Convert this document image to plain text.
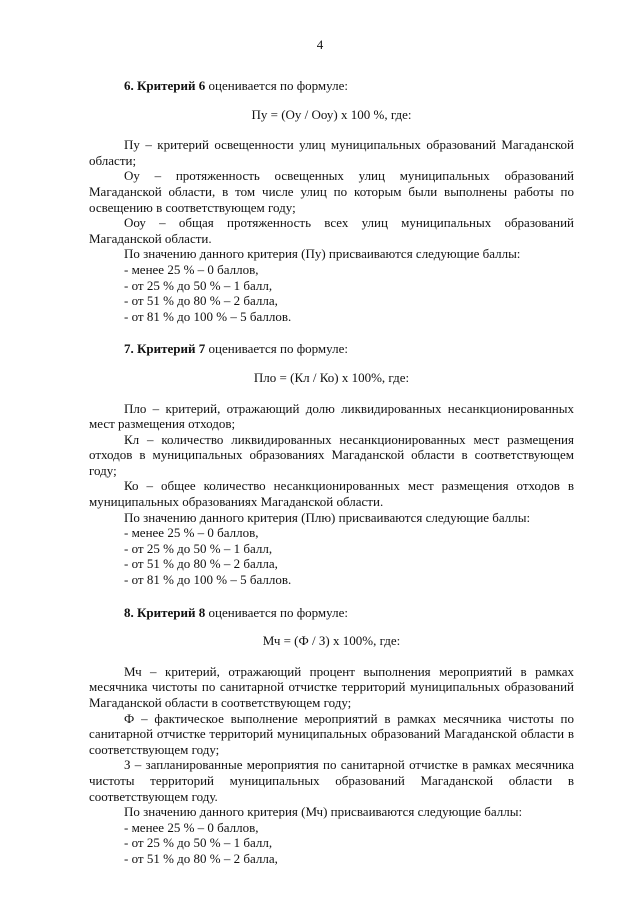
4

6. Критерий 6 оценивается по формуле:

Пу = (Оу / Ооу) x 100 %, где:

Пу – критерий освещенности улиц муниципальных образований Магаданской области;

Оу – протяженность освещенных улиц муниципальных образований Магаданской области, в том числе улиц по которым были выполнены работы по освещению в соответствующем году;

Ооу – общая протяженность всех улиц муниципальных образований Магаданской области.

По значению данного критерия (Пу) присваиваются следующие баллы:

- менее 25 % – 0 баллов,
- от 25 % до 50 % – 1 балл,
- от 51 % до 80 % – 2 балла,
- от 81 % до 100 % – 5 баллов.

7. Критерий 7 оценивается по формуле:

Пло = (Кл / Ко) x 100%, где:

Пло – критерий, отражающий долю ликвидированных несанкционированных мест размещения отходов;

Кл – количество ликвидированных несанкционированных мест размещения отходов в муниципальных образованиях Магаданской области в соответствующем году;

Ко – общее количество несанкционированных мест размещения отходов в муниципальных образованиях Магаданской области.

По значению данного критерия (Плю) присваиваются следующие баллы:

- менее 25 % – 0 баллов,
- от 25 % до 50 % – 1 балл,
- от 51 % до 80 % – 2 балла,
- от 81 % до 100 % – 5 баллов.

8. Критерий 8 оценивается по формуле:

Мч = (Ф / З) x 100%, где:

Мч – критерий, отражающий процент выполнения мероприятий в рамках месячника чистоты по санитарной отчистке территорий муниципальных образований Магаданской области в соответствующем году;

Ф – фактическое выполнение мероприятий в рамках месячника чистоты по санитарной отчистке территорий муниципальных образований Магаданской области в соответствующем году;

З – запланированные мероприятия по санитарной отчистке в рамках месячника чистоты территорий муниципальных образований Магаданской области в соответствующем году.

По значению данного критерия (Мч) присваиваются следующие баллы:

- менее 25 % – 0 баллов,
- от 25 % до 50 % – 1 балл,
- от 51 % до 80 % – 2 балла,
